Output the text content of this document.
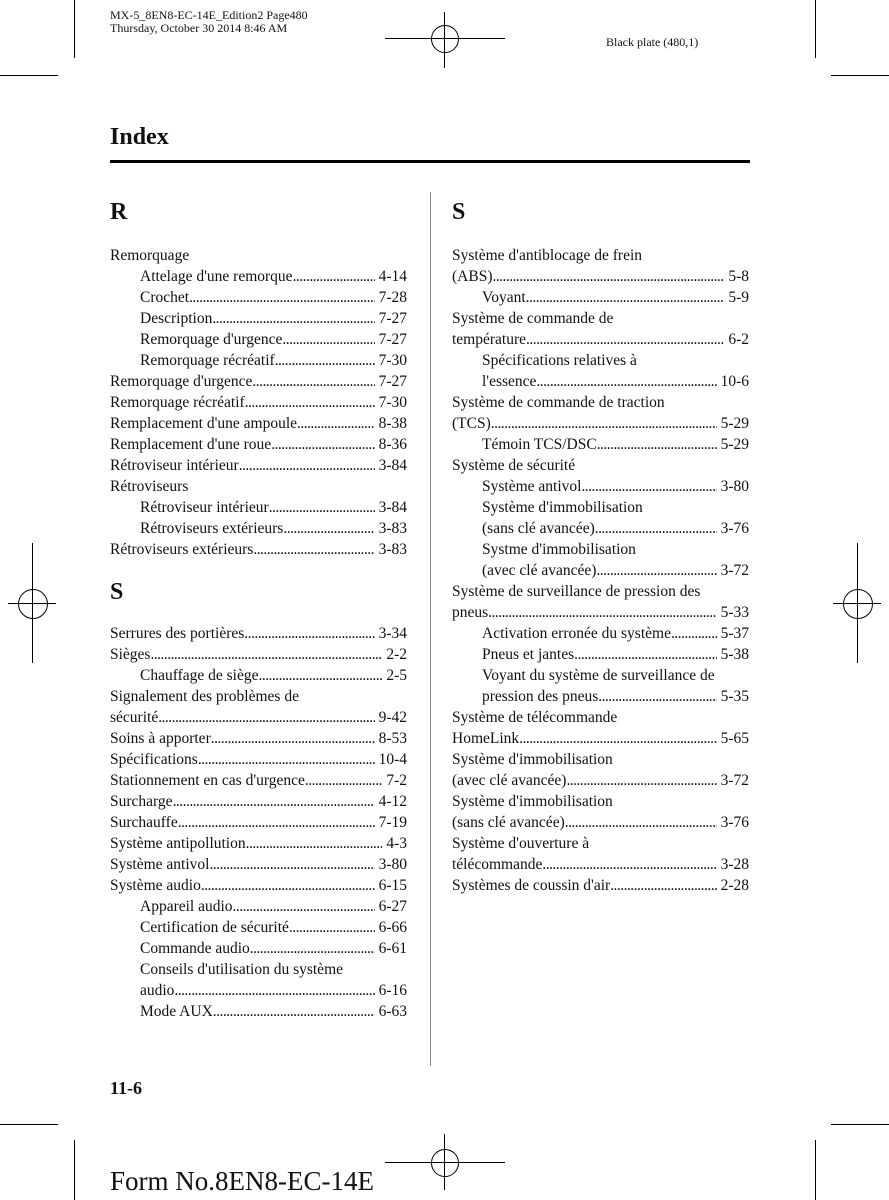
MX-5_8EN8-EC-14E_Edition2 Page480
Thursday, October 30 2014 8:46 AM
Black plate (480,1)
Index
R
Remorquage
Attelage d'une remorque . . .	4-14
Crochet . . .	7-28
Description . . .	7-27
Remorquage d'urgence . . .	7-27
Remorquage récréatif . . .	7-30
Remorquage d'urgence . . .	7-27
Remorquage récréatif . . .	7-30
Remplacement d'une ampoule . . .	8-38
Remplacement d'une roue . . .	8-36
Rétroviseur intérieur . . .	3-84
Rétroviseurs
Rétroviseur intérieur . . .	3-84
Rétroviseurs extérieurs . . .	3-83
Rétroviseurs extérieurs . . .	3-83
S
Serrures des portières . . .	3-34
Sièges . . .	2-2
Chauffage de siège . . .	2-5
Signalement des problèmes de
sécurité . . .	9-42
Soins à apporter . . .	8-53
Spécifications . . .	10-4
Stationnement en cas d'urgence . . .	7-2
Surcharge . . .	4-12
Surchauffe . . .	7-19
Système antipollution . . .	4-3
Système antivol . . .	3-80
Système audio . . .	6-15
Appareil audio . . .	6-27
Certification de sécurité . . .	6-66
Commande audio . . .	6-61
Conseils d'utilisation du système
audio . . .	6-16
Mode AUX . . .	6-63
S
Système d'antiblocage de frein
(ABS) . . .	5-8
Voyant . . .	5-9
Système de commande de
température . . .	6-2
Spécifications relatives à
l'essence . . .	10-6
Système de commande de traction
(TCS) . . .	5-29
Témoin TCS/DSC . . .	5-29
Système de sécurité
Système antivol . . .	3-80
Système d'immobilisation
(sans clé avancée) . . .	3-76
Systme d'immobilisation
(avec clé avancée) . . .	3-72
Système de surveillance de pression des
pneus . . .	5-33
Activation erronée du système . . .	5-37
Pneus et jantes . . .	5-38
Voyant du système de surveillance de
pression des pneus . . .	5-35
Système de télécommande
HomeLink . . .	5-65
Système d'immobilisation
(avec clé avancée) . . .	3-72
Système d'immobilisation
(sans clé avancée) . . .	3-76
Système d'ouverture à
télécommande . . .	3-28
Systèmes de coussin d'air . . .	2-28
11-6
Form No.8EN8-EC-14E
